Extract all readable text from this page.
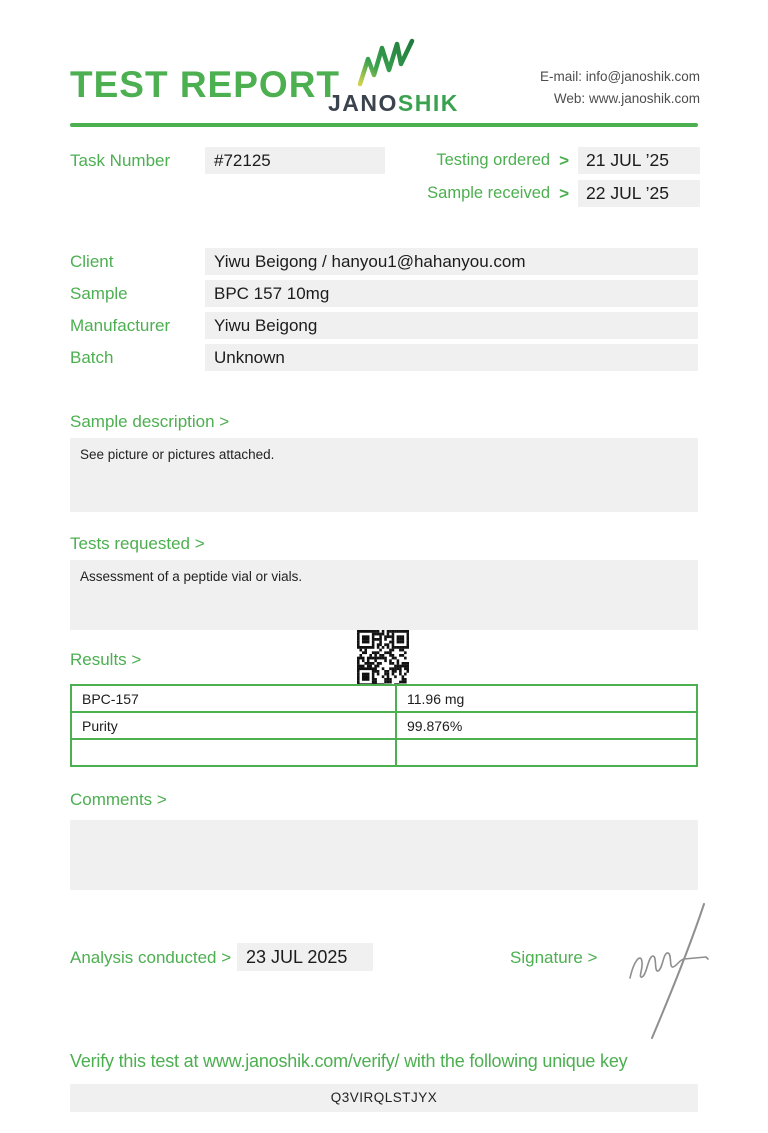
TEST REPORT
JANOSHIK
E-mail: info@janoshik.com
Web: www.janoshik.com
Task Number	#72125	Testing ordered > 21 JUL ’25
Sample received > 22 JUL ’25
Client	Yiwu Beigong / hanyou1@hahanyou.com
Sample	BPC 157 10mg
Manufacturer	Yiwu Beigong
Batch	Unknown
Sample description >
See picture or pictures attached.
Tests requested >
Assessment of a peptide vial or vials.
Results >
BPC-157	11.96 mg
Purity	99.876%

Comments >
Analysis conducted > 23 JUL 2025	Signature >
Verify this test at www.janoshik.com/verify/ with the following unique key
Q3VIRQLSTJYX
